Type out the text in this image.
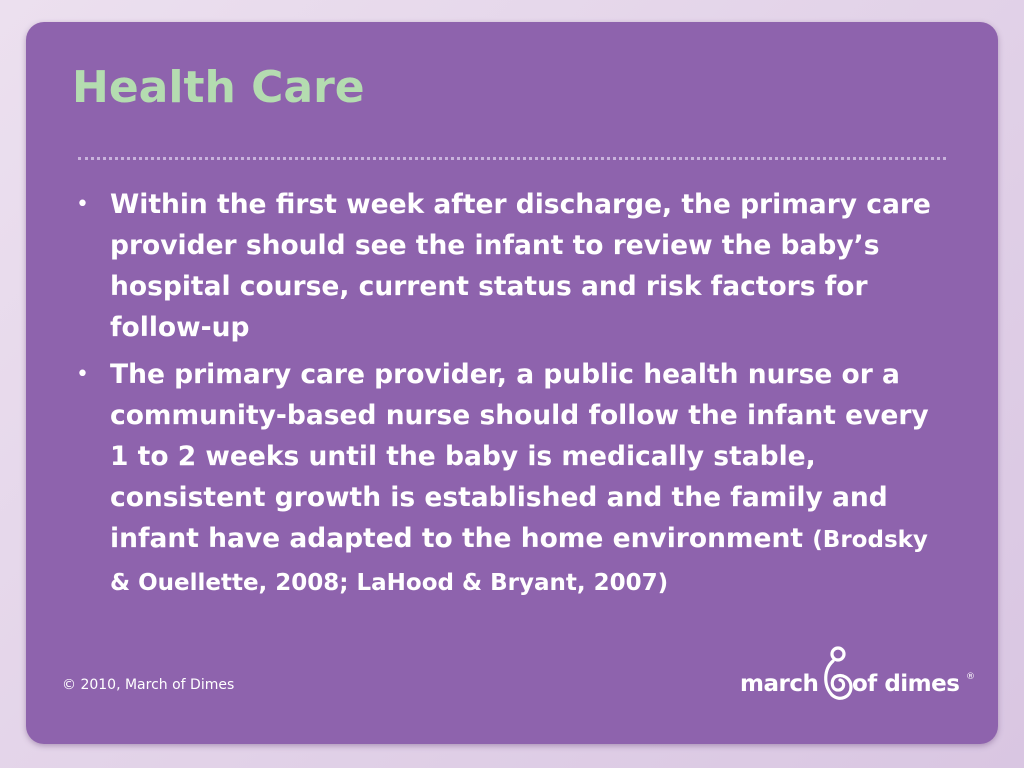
Health Care
• Within the first week after discharge, the primary care provider should see the infant to review the baby’s hospital course, current status and risk factors for follow-up
• The primary care provider, a public health nurse or a community-based nurse should follow the infant every 1 to 2 weeks until the baby is medically stable, consistent growth is established and the family and infant have adapted to the home environment (Brodsky & Ouellette, 2008; LaHood & Bryant, 2007)
© 2010, March of Dimes	march of dimes ®
